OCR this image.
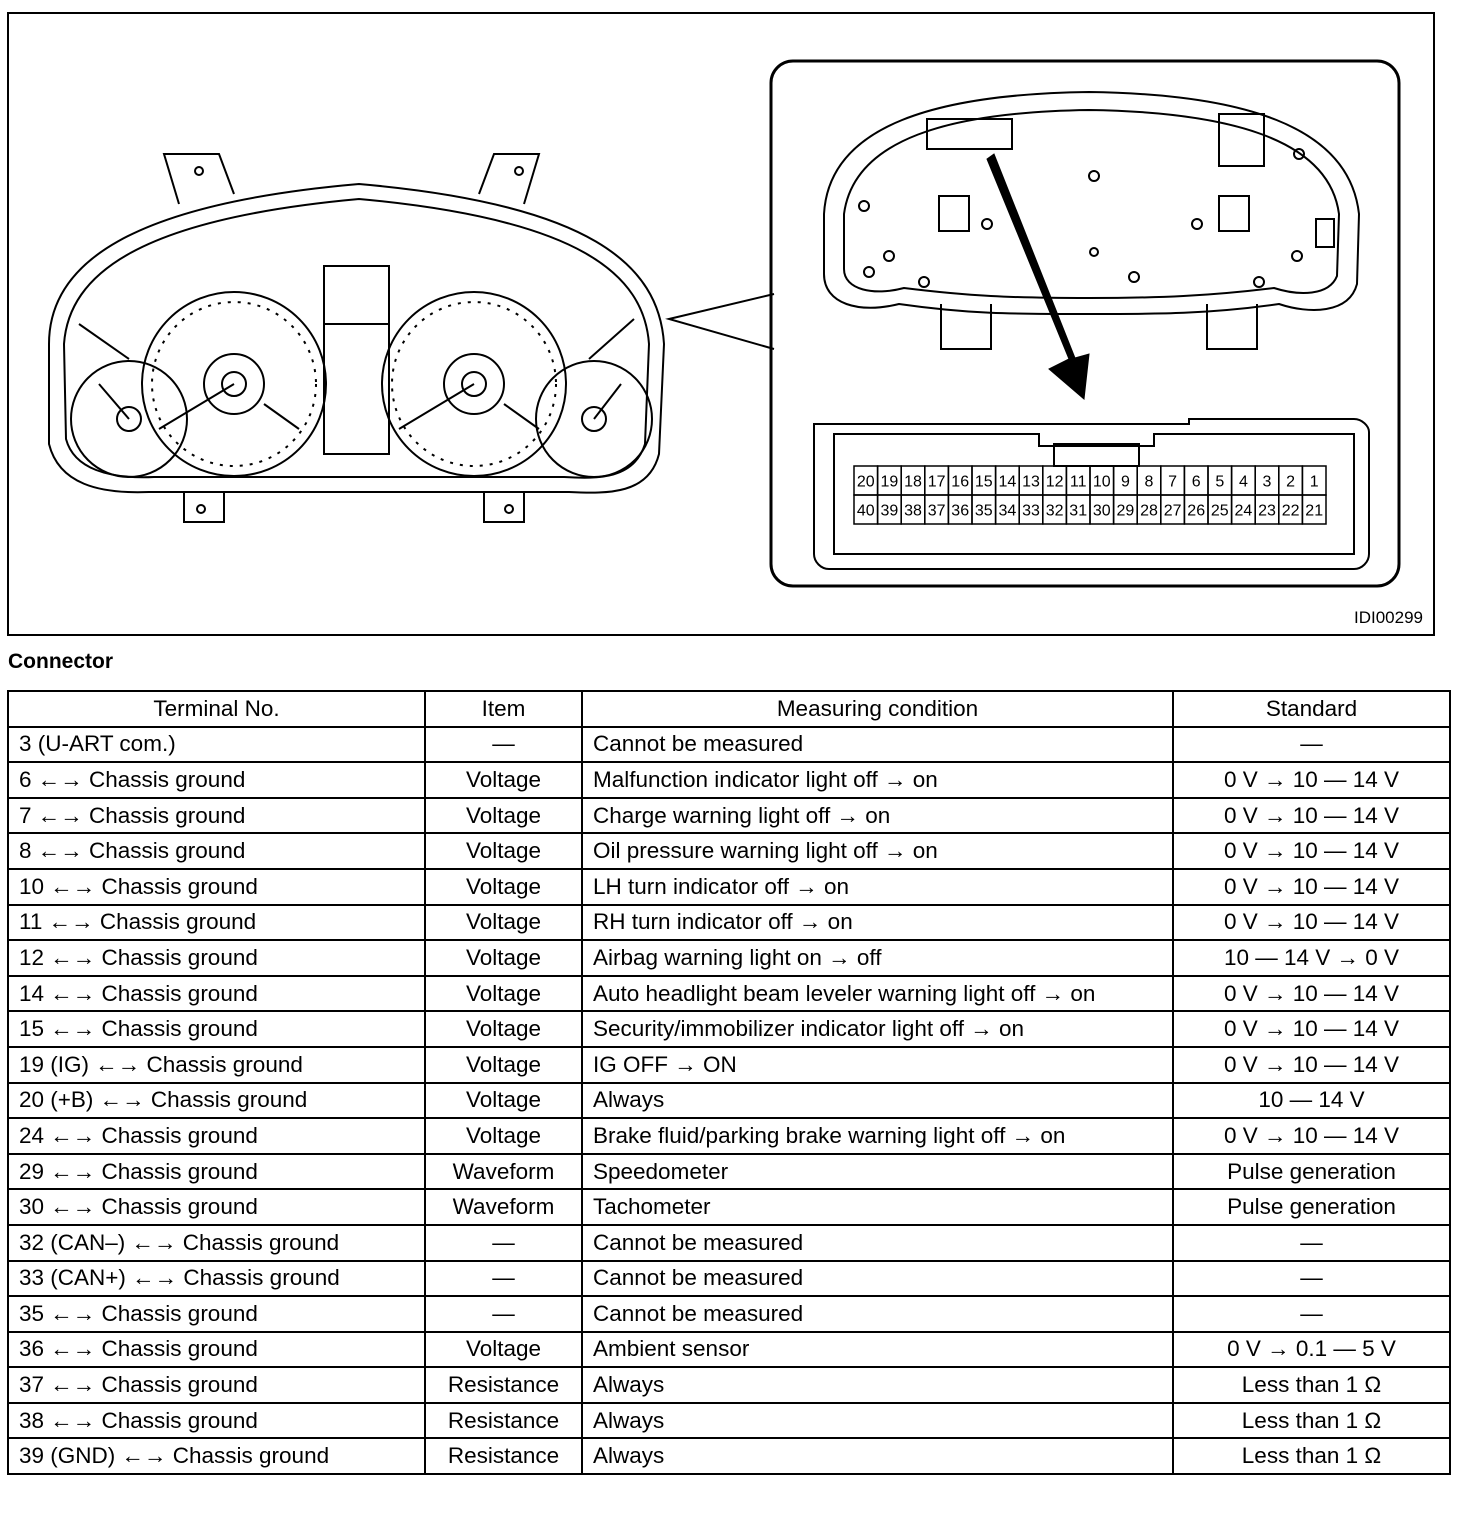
20 19 18 17 16 15 14 13 12 11 10 9 8 7 6 5 4 3 2 1
40 39 38 37 36 35 34 33 32 31 30 29 28 27 26 25 24 23 22 21
IDI00299
Connector
Terminal No.	Item	Measuring condition	Standard
3 (U-ART com.)	—	Cannot be measured	—
6 ←→ Chassis ground	Voltage	Malfunction indicator light off → on	0 V → 10 — 14 V
7 ←→ Chassis ground	Voltage	Charge warning light off → on	0 V → 10 — 14 V
8 ←→ Chassis ground	Voltage	Oil pressure warning light off → on	0 V → 10 — 14 V
10 ←→ Chassis ground	Voltage	LH turn indicator off → on	0 V → 10 — 14 V
11 ←→ Chassis ground	Voltage	RH turn indicator off → on	0 V → 10 — 14 V
12 ←→ Chassis ground	Voltage	Airbag warning light on → off	10 — 14 V → 0 V
14 ←→ Chassis ground	Voltage	Auto headlight beam leveler warning light off → on	0 V → 10 — 14 V
15 ←→ Chassis ground	Voltage	Security/immobilizer indicator light off → on	0 V → 10 — 14 V
19 (IG) ←→ Chassis ground	Voltage	IG OFF → ON	0 V → 10 — 14 V
20 (+B) ←→ Chassis ground	Voltage	Always	10 — 14 V
24 ←→ Chassis ground	Voltage	Brake fluid/parking brake warning light off → on	0 V → 10 — 14 V
29 ←→ Chassis ground	Waveform	Speedometer	Pulse generation
30 ←→ Chassis ground	Waveform	Tachometer	Pulse generation
32 (CAN–) ←→ Chassis ground	—	Cannot be measured	—
33 (CAN+) ←→ Chassis ground	—	Cannot be measured	—
35 ←→ Chassis ground	—	Cannot be measured	—
36 ←→ Chassis ground	Voltage	Ambient sensor	0 V → 0.1 — 5 V
37 ←→ Chassis ground	Resistance	Always	Less than 1 Ω
38 ←→ Chassis ground	Resistance	Always	Less than 1 Ω
39 (GND) ←→ Chassis ground	Resistance	Always	Less than 1 Ω
